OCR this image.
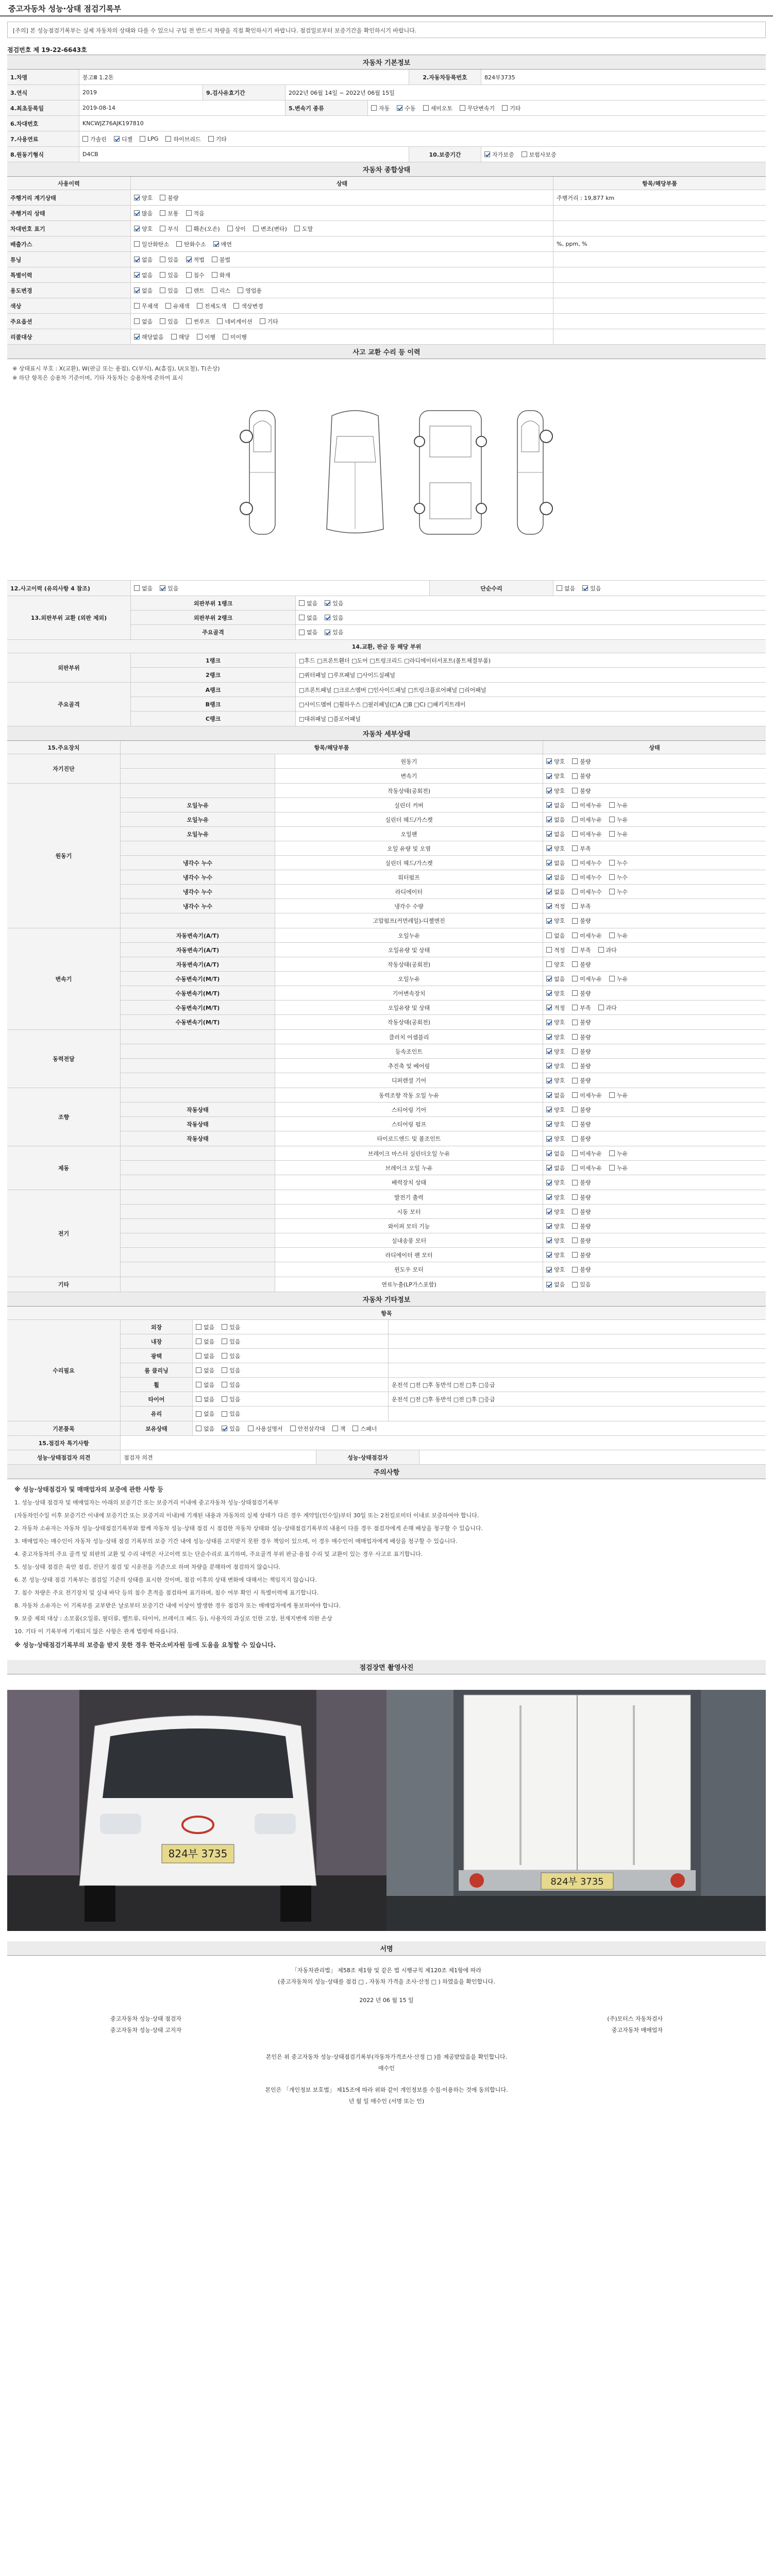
중고자동차 성능·상태 점검기록부
[주의] 본 성능점검기록부는 실제 자동차의 상태와 다를 수 있으니 구입 전 반드시 차량을 직접 확인하시기 바랍니다. 점검일로부터 보증기간을 확인하시기 바랍니다.
점검번호 제 19-22-6643호
자동차 기본정보
1.차명	봉고Ⅲ 1.2톤	2.자동차등록번호	824부3735
3.연식	2019	9.검사유효기간	2022년 06월 14일 ~ 2022년 06월 15일
4.최초등록일	2019-08-14	5.변속기 종류	자동	수동	세미오토	무단변속기	기타
6.차대번호	KNCWJZ76AJK197810
7.사용연료	가솔린	디젤	LPG	하이브리드	기타
8.원동기형식	D4CB	10.보증기간	자가보증	보험사보증
자동차 종합상태
사용이력	상태	항목/해당부품
주행거리 계기상태	양호	불량	주행거리 : 19,877 km
주행거리 상태	많음	보통	적음
차대번호 표기	양호	부식	훼손(오손)	상이	변조(변타)	도말
배출가스	일산화탄소	탄화수소	매연	%, ppm, %
튜닝	없음	있음	적법	불법
특별이력	없음	있음	침수	화재
용도변경	없음	있음	렌트	리스	영업용
색상	무채색	유채색	전체도색	색상변경
주요옵션	없음	있음	썬루프	네비게이션	기타
리콜대상	해당없음	해당	이행	미이행
사고 교환 수리 등 이력
※ 상태표시 부호 : X(교환), W(판금 또는 용접), C(부식), A(흠집), U(요철), T(손상)
※ 하단 항목은 승용차 기준이며, 기타 자동차는 승용차에 준하여 표시
12.사고이력 (유의사항 4 참조)	없음	있음	단순수리	없음	있음
13.외판부위 교환 (외판 제외)
외판부위 1랭크	없음	있음
외판부위 2랭크	없음	있음
주요골격	없음	있음
14.교환, 판금 등 해당 부위
외판부위
1랭크	□후드 □프론트휀더 □도어 □트렁크리드 □라디에이터서포트(볼트체결부품)
2랭크	□쿼터패널 □루프패널 □사이드실패널
주요골격
A랭크	□프론트패널 □크로스멤버 □인사이드패널 □트렁크플로어패널 □리어패널
B랭크	□사이드멤버 □휠하우스 □필러패널(□A □B □C) □패키지트레이
C랭크	□대쉬패널 □플로어패널
자동차 세부상태
15.주요장치	항목/해당부품	상태
자기진단
원동기	양호	불량
변속기	양호	불량
원동기
작동상태(공회전)	양호	불량
오일누유	실린더 커버	없음	미세누유	누유
오일누유	실린더 헤드/가스켓	없음	미세누유	누유
오일누유	오일팬	없음	미세누유	누유
오일 유량 및 오염	양호	부족
냉각수 누수	실린더 헤드/가스켓	없음	미세누수	누수
냉각수 누수	워터펌프	없음	미세누수	누수
냉각수 누수	라디에이터	없음	미세누수	누수
냉각수 누수	냉각수 수량	적정	부족
고압펌프(커먼레일)-디젤엔진	양호	불량
변속기
자동변속기(A/T)	오일누유	없음	미세누유	누유
자동변속기(A/T)	오일유량 및 상태	적정	부족	과다
자동변속기(A/T)	작동상태(공회전)	양호	불량
수동변속기(M/T)	오일누유	없음	미세누유	누유
수동변속기(M/T)	기어변속장치	양호	불량
수동변속기(M/T)	오일유량 및 상태	적정	부족	과다
수동변속기(M/T)	작동상태(공회전)	양호	불량
동력전달
클러치 어셈블리	양호	불량
등속조인트	양호	불량
추진축 및 베어링	양호	불량
디퍼렌셜 기어	양호	불량
조향
동력조향 작동 오일 누유	없음	미세누유	누유
작동상태	스티어링 기어	양호	불량
작동상태	스티어링 펌프	양호	불량
작동상태	타이로드엔드 및 볼조인트	양호	불량
제동
브레이크 마스터 실린더오일 누유	없음	미세누유	누유
브레이크 오일 누유	없음	미세누유	누유
배력장치 상태	양호	불량
전기
발전기 출력	양호	불량
시동 모터	양호	불량
와이퍼 모터 기능	양호	불량
실내송풍 모터	양호	불량
라디에이터 팬 모터	양호	불량
윈도우 모터	양호	불량
기타	연료누출(LP가스포함)	없음	있음
자동차 기타정보
항목
수리필요
외장	없음	있음
내장	없음	있음
광택	없음	있음
룸 클리닝	없음	있음
휠	없음	있음	운전석 □전 □후 동반석 □전 □후 □응급
타이어	없음	있음	운전석 □전 □후 동반석 □전 □후 □응급
유리	없음	있음
기본품목	보유상태	없음	있음	사용설명서	안전삼각대	잭	스패너
15.점검자 특기사항
성능·상태점검자 의견	점검자 의견	성능·상태점검자
주의사항

※ 성능·상태점검자 및 매매업자의 보증에 관한 사항 등

1. 성능·상태 점검자 및 매매업자는 아래의 보증기간 또는 보증거리 이내에 중고자동차 성능·상태점검기록부

(자동차인수일 이후 보증기간 이내에 보증기간 또는 보증거리 이내)에 기재된 내용과 자동차의 실제 상태가 다른 경우 계약일(인수일)부터 30일 또는 2천킬로미터 이내로 보증하여야 합니다.

2. 자동차 소유자는 자동차 성능·상태점검기록부와 함께 자동차 성능·상태 점검 시 점검한 자동차 상태와 성능·상태점검기록부의 내용이 다를 경우 점검자에게 손해 배상을 청구할 수 있습니다.

3. 매매업자는 매수인이 자동차 성능·상태 점검 기록부의 보증 기간 내에 성능·상태를 고지받지 못한 경우 책임이 있으며, 이 경우 매수인이 매매업자에게 배상을 청구할 수 있습니다.

4. 중고자동차의 주요 골격 및 외판의 교환 및 수리 내역은 사고이력 또는 단순수리로 표기하며, 주요골격 부위 판금·용접 수리 및 교환이 있는 경우 사고로 표기합니다.

5. 성능·상태 점검은 육안 점검, 진단기 점검 및 시운전을 기준으로 하며 차량을 분해하여 점검하지 않습니다.

6. 본 성능·상태 점검 기록부는 점검일 기준의 상태를 표시한 것이며, 점검 이후의 상태 변화에 대해서는 책임지지 않습니다.

7. 침수 차량은 주요 전기장치 및 실내 바닥 등의 침수 흔적을 점검하여 표기하며, 침수 여부 확인 시 특별이력에 표기합니다.

8. 자동차 소유자는 이 기록부를 교부받은 날로부터 보증기간 내에 이상이 발생한 경우 점검자 또는 매매업자에게 통보하여야 합니다.

9. 보증 제외 대상 : 소모품(오일류, 필터류, 벨트류, 타이어, 브레이크 패드 등), 사용자의 과실로 인한 고장, 천재지변에 의한 손상

10. 기타 이 기록부에 기재되지 않은 사항은 관계 법령에 따릅니다.

※ 성능·상태점검기록부의 보증을 받지 못한 경우 한국소비자원 등에 도움을 요청할 수 있습니다.

점검장면 촬영사진
824부 3735
824부 3735
서명
「자동차관리법」 제58조 제1항 및 같은 법 시행규칙 제120조 제1항에 따라
(중고자동차의 성능·상태를 점검 □ , 자동차 가격을 조사·산정 □ ) 하였음을 확인합니다.
2022 년 06 월 15 일
중고자동차 성능·상태 점검자	(주)모터스 자동차검사
중고자동차 성능·상태 고지자	중고자동차 매매업자
본인은 위 중고자동차 성능·상태점검기록부(자동차가격조사·산정 □ )를 제공받았음을 확인합니다.
매수인
본인은 「개인정보 보호법」 제15조에 따라 위와 같이 개인정보를 수집·이용하는 것에 동의합니다.
년 월 일 매수인 (서명 또는 인)
